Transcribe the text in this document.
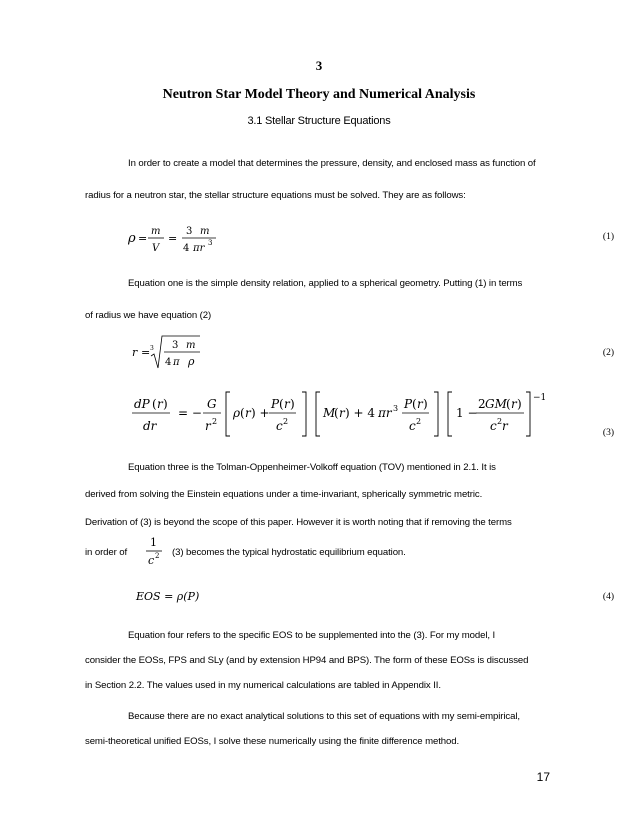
3
Neutron Star Model Theory and Numerical Analysis
3.1 Stellar Structure Equations
In order to create a model that determines the pressure, density, and enclosed mass as function of
radius for a neutron star, the stellar structure equations must be solved. They are as follows:
ρ =
m
V
=
3 m
4 πr 3
(1)
Equation one is the simple density relation, applied to a spherical geometry. Putting (1) in terms
of radius we have equation (2)
r = 3 3 m
4 π ρ
(2)
dP ( r )
dr
= −
G
r 2
ρ ( r ) +
P ( r )
c 2
M
( r ) + 4 πr 3 P ( r )
c 2
1 −
2 GM ( r )
c 2 r
−1
(3)
Equation three is the Tolman-Oppenheimer-Volkoff equation (TOV) mentioned in 2.1. It is
derived from solving the Einstein equations under a time-invariant, spherically symmetric metric.
Derivation of (3) is beyond the scope of this paper. However it is worth noting that if removing the terms
in order of
1
c 2 (3) becomes the typical hydrostatic equilibrium equation.
EOS = ρ(P)	(4)
Equation four refers to the specific EOS to be supplemented into the (3). For my model, I
consider the EOSs, FPS and SLy (and by extension HP94 and BPS). The form of these EOSs is discussed
in Section 2.2. The values used in my numerical calculations are tabled in Appendix II.
Because there are no exact analytical solutions to this set of equations with my semi-empirical,
semi-theoretical unified EOSs, I solve these numerically using the finite difference method.
17
